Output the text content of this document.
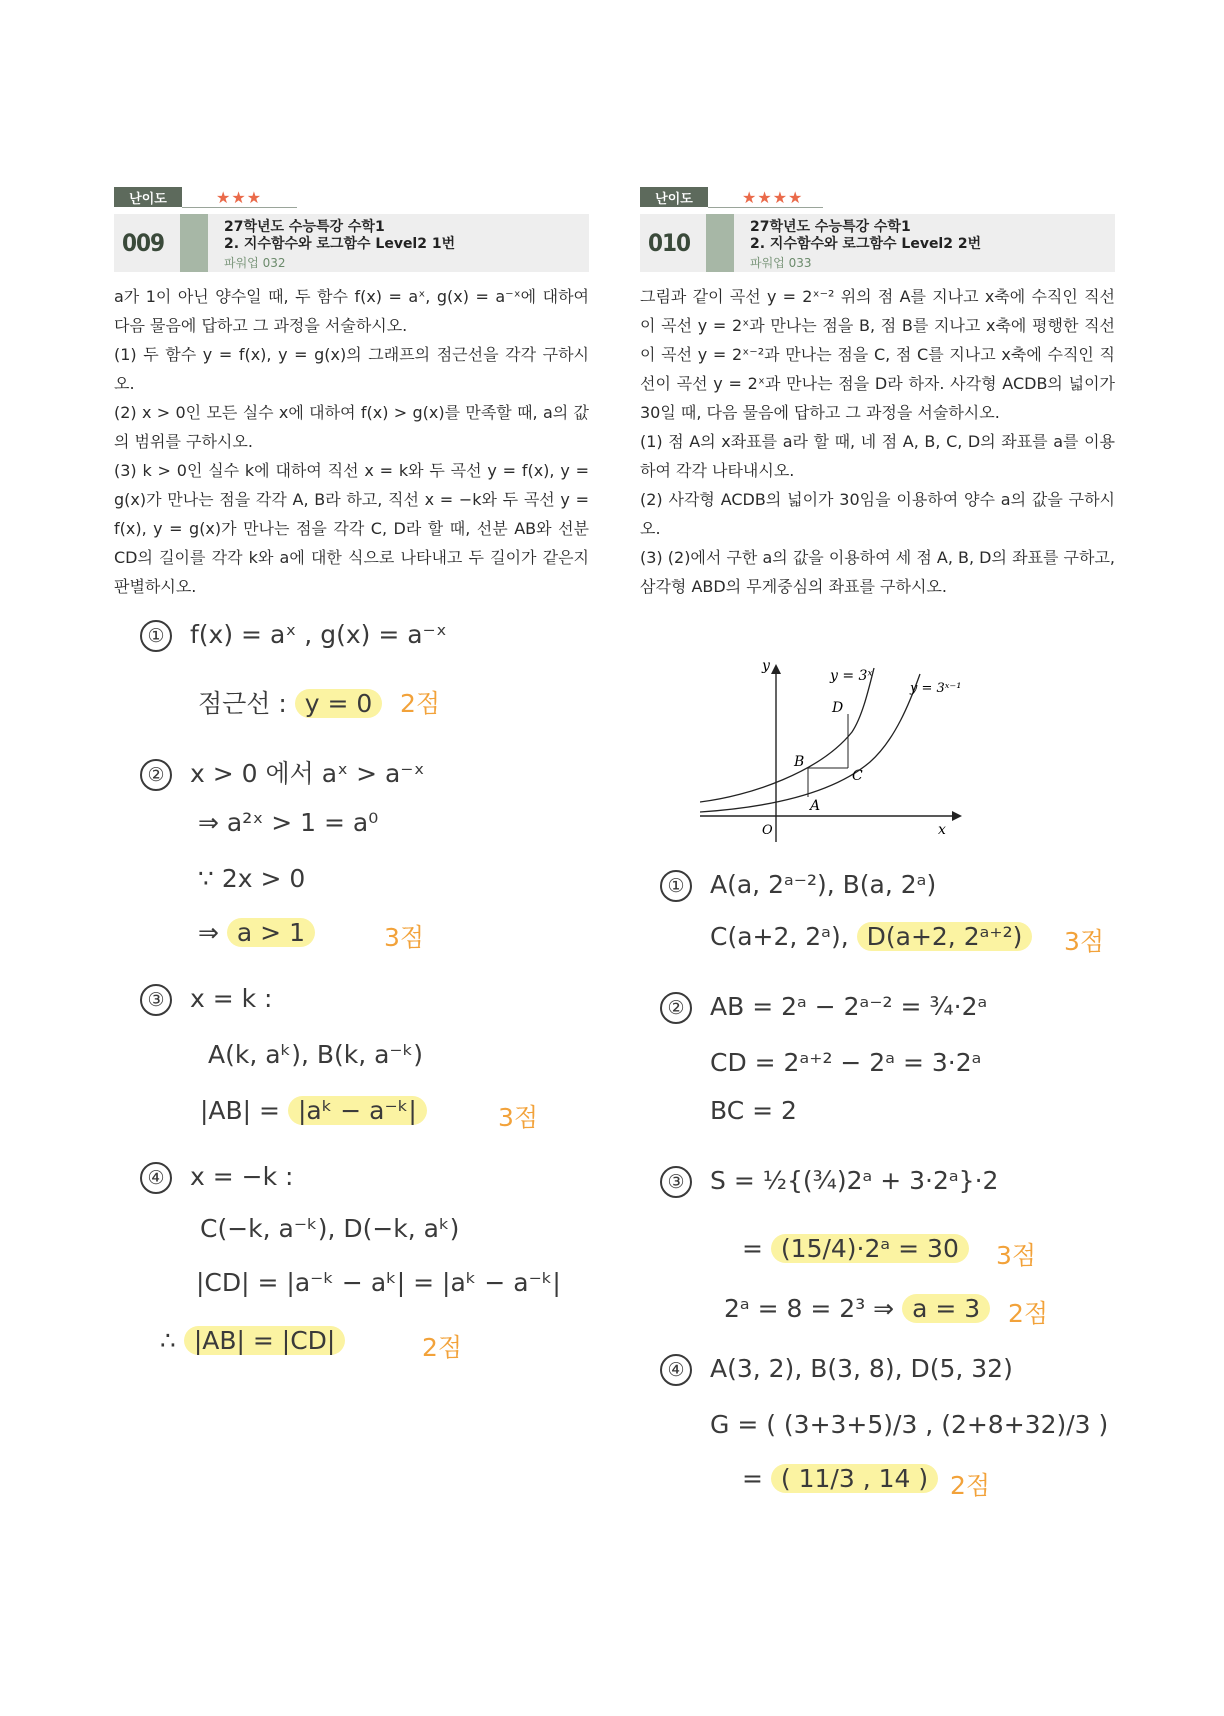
난이도	★★★
009
27학년도 수능특강 수학1
2. 지수함수와 로그함수 Level2 1번
파워업 032

a가 1이 아닌 양수일 때, 두 함수 f(x) = aˣ, g(x) = a⁻ˣ에 대하여 다음 물음에 답하고 그 과정을 서술하시오.

(1) 두 함수 y = f(x), y = g(x)의 그래프의 점근선을 각각 구하시오.

(2) x > 0인 모든 실수 x에 대하여 f(x) > g(x)를 만족할 때, a의 값의 범위를 구하시오.

(3) k > 0인 실수 k에 대하여 직선 x = k와 두 곡선 y = f(x), y = g(x)가 만나는 점을 각각 A, B라 하고, 직선 x = −k와 두 곡선 y = f(x), y = g(x)가 만나는 점을 각각 C, D라 할 때, 선분 AB와 선분 CD의 길이를 각각 k와 a에 대한 식으로 나타내고 두 길이가 같은지 판별하시오.

① f(x) = aˣ , g(x) = a⁻ˣ
점근선 : y = 0	2점
② x > 0 에서 aˣ > a⁻ˣ
⇒ a²ˣ > 1 = a⁰
∵ 2x > 0
⇒ a > 1	3점
③ x = k :
A(k, aᵏ), B(k, a⁻ᵏ)
|AB| = |aᵏ − a⁻ᵏ|	3점
④ x = −k :
C(−k, a⁻ᵏ), D(−k, aᵏ)
|CD| = |a⁻ᵏ − aᵏ| = |aᵏ − a⁻ᵏ|
∴ |AB| = |CD|	2점
난이도	★★★★
010
27학년도 수능특강 수학1
2. 지수함수와 로그함수 Level2 2번
파워업 033

그림과 같이 곡선 y = 2ˣ⁻² 위의 점 A를 지나고 x축에 수직인 직선이 곡선 y = 2ˣ과 만나는 점을 B, 점 B를 지나고 x축에 평행한 직선이 곡선 y = 2ˣ⁻²과 만나는 점을 C, 점 C를 지나고 x축에 수직인 직선이 곡선 y = 2ˣ과 만나는 점을 D라 하자. 사각형 ACDB의 넓이가 30일 때, 다음 물음에 답하고 그 과정을 서술하시오.

(1) 점 A의 x좌표를 a라 할 때, 네 점 A, B, C, D의 좌표를 a를 이용하여 각각 나타내시오.

(2) 사각형 ACDB의 넓이가 30임을 이용하여 양수 a의 값을 구하시오.

(3) (2)에서 구한 a의 값을 이용하여 세 점 A, B, D의 좌표를 구하고, 삼각형 ABD의 무게중심의 좌표를 구하시오.

y
x
O
y = 3ˣ
y = 3ˣ⁻¹
A
B
C
D
① A(a, 2ᵃ⁻²), B(a, 2ᵃ)
C(a+2, 2ᵃ), D(a+2, 2ᵃ⁺²)	3점
② AB = 2ᵃ − 2ᵃ⁻² = ¾·2ᵃ
CD = 2ᵃ⁺² − 2ᵃ = 3·2ᵃ
BC = 2
③ S = ½{(¾)2ᵃ + 3·2ᵃ}·2
= (15/4)·2ᵃ = 30	3점
2ᵃ = 8 = 2³ ⇒ a = 3	2점
④ A(3, 2), B(3, 8), D(5, 32)
G = ( (3+3+5)/3 , (2+8+32)/3 )
= ( 11/3 , 14 ) 2점
